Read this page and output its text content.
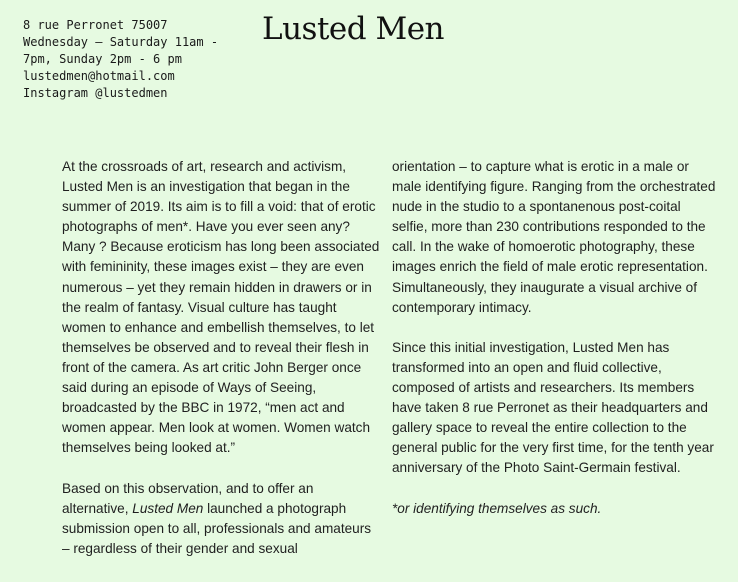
8 rue Perronet 75007
Wednesday – Saturday 11am -
7pm, Sunday 2pm - 6 pm
lustedmen@hotmail.com
Instagram @lustedmen
Lusted Men

At the crossroads of art, research and activism, Lusted Men is an investigation that began in the summer of 2019. Its aim is to fill a void: that of erotic photographs of men*. Have you ever seen any? Many ? Because eroticism has long been associated with femininity, these images exist – they are even numerous – yet they remain hidden in drawers or in the realm of fantasy. Visual culture has taught women to enhance and embellish themselves, to let themselves be observed and to reveal their flesh in front of the camera. As art critic John Berger once said during an episode of Ways of Seeing, broadcasted by the BBC in 1972, “men act and women appear. Men look at women. Women watch themselves being looked at.”

Based on this observation, and to offer an alternative, Lusted Men launched a photograph submission open to all, professionals and amateurs – regardless of their gender and sexual

orientation – to capture what is erotic in a male or male identifying figure. Ranging from the orchestrated nude in the studio to a spontanenous post-coital selfie, more than 230 contributions responded to the call. In the wake of homoerotic photography, these images enrich the field of male erotic representation. Simultaneously, they inaugurate a visual archive of contemporary intimacy.

Since this initial investigation, Lusted Men has transformed into an open and fluid collective, composed of artists and researchers. Its members have taken 8 rue Perronet as their headquarters and gallery space to reveal the entire collection to the general public for the very first time, for the tenth year anniversary of the Photo Saint-Germain festival.

*or identifying themselves as such.
